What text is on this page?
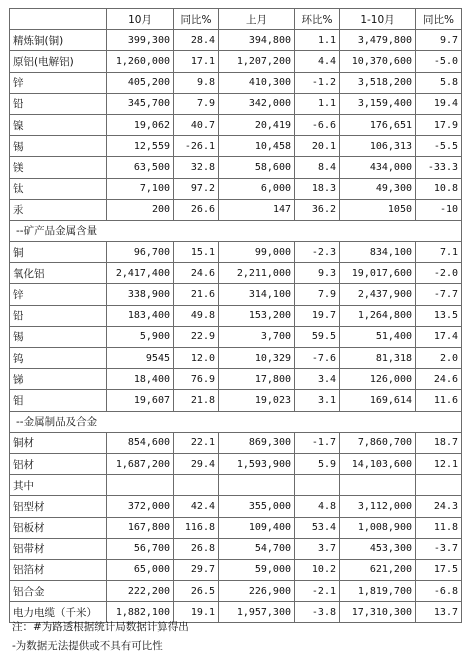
	10月	同比%	上月	环比%	1-10月	同比%
精炼铜(铜)	399,300	28.4	394,800	1.1	3,479,800	9.7
原铝(电解铝)	1,260,000	17.1	1,207,200	4.4	10,370,600	-5.0
锌	405,200	9.8	410,300	-1.2	3,518,200	5.8
铅	345,700	7.9	342,000	1.1	3,159,400	19.4
镍	19,062	40.7	20,419	-6.6	176,651	17.9
锡	12,559	-26.1	10,458	20.1	106,313	-5.5
镁	63,500	32.8	58,600	8.4	434,000	-33.3
钛	7,100	97.2	6,000	18.3	49,300	10.8
汞	200	26.6	147	36.2	1050	-10
--矿产品金属含量						
铜	96,700	15.1	99,000	-2.3	834,100	7.1
氧化铝	2,417,400	24.6	2,211,000	9.3	19,017,600	-2.0
锌	338,900	21.6	314,100	7.9	2,437,900	-7.7
铅	183,400	49.8	153,200	19.7	1,264,800	13.5
锡	5,900	22.9	3,700	59.5	51,400	17.4
钨	9545	12.0	10,329	-7.6	81,318	2.0
锑	18,400	76.9	17,800	3.4	126,000	24.6
钼	19,607	21.8	19,023	3.1	169,614	11.6
--金属制品及合金						
铜材	854,600	22.1	869,300	-1.7	7,860,700	18.7
铝材	1,687,200	29.4	1,593,900	5.9	14,103,600	12.1
其中						
铝型材	372,000	42.4	355,000	4.8	3,112,000	24.3
铝板材	167,800	116.8	109,400	53.4	1,008,900	11.8
铝带材	56,700	26.8	54,700	3.7	453,300	-3.7
铝箔材	65,000	29.7	59,000	10.2	621,200	17.5
铝合金	222,200	26.5	226,900	-2.1	1,819,700	-6.8
电力电缆（千米）	1,882,100	19.1	1,957,300	-3.8	17,310,300	13.7
注：#为路透根据统计局数据计算得出
-为数据无法提供或不具有可比性
